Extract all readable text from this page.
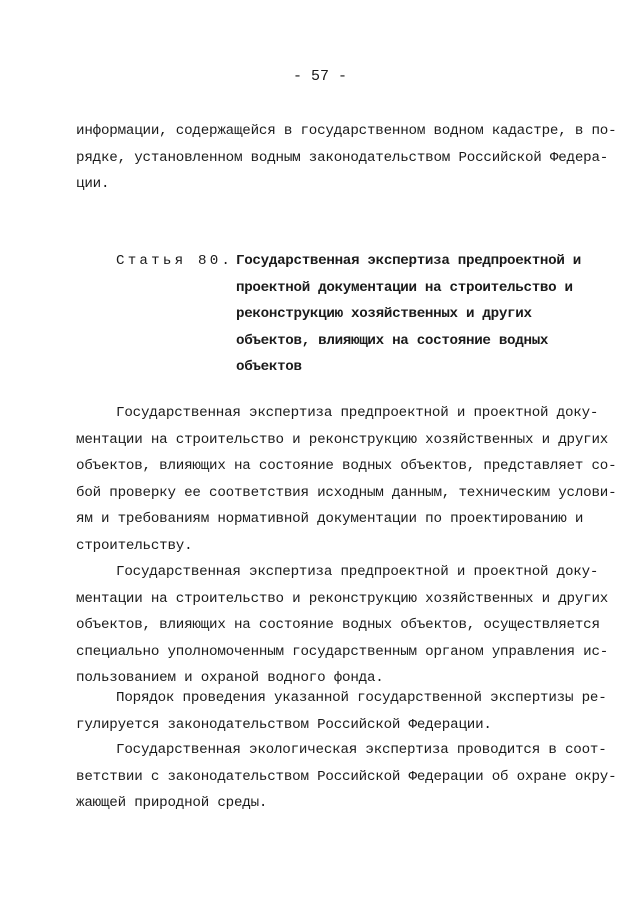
- 57 -
информации, содержащейся в государственном водном кадастре, в по-
рядке, установленном водным законодательством Российской Федера-
ции.
Статья 80. Государственная экспертиза предпроектной и
проектной документации на строительство и
реконструкцию хозяйственных и других
объектов, влияющих на состояние водных
объектов
Государственная экспертиза предпроектной и проектной доку-
ментации на строительство и реконструкцию хозяйственных и других
объектов, влияющих на состояние водных объектов, представляет со-
бой проверку ее соответствия исходным данным, техническим услови-
ям и требованиям нормативной документации по проектированию и
строительству.
Государственная экспертиза предпроектной и проектной доку-
ментации на строительство и реконструкцию хозяйственных и других
объектов, влияющих на состояние водных объектов, осуществляется
специально уполномоченным государственным органом управления ис-
пользованием и охраной водного фонда.
Порядок проведения указанной государственной экспертизы ре-
гулируется законодательством Российской Федерации.
Государственная экологическая экспертиза проводится в соот-
ветствии с законодательством Российской Федерации об охране окру-
жающей природной среды.
